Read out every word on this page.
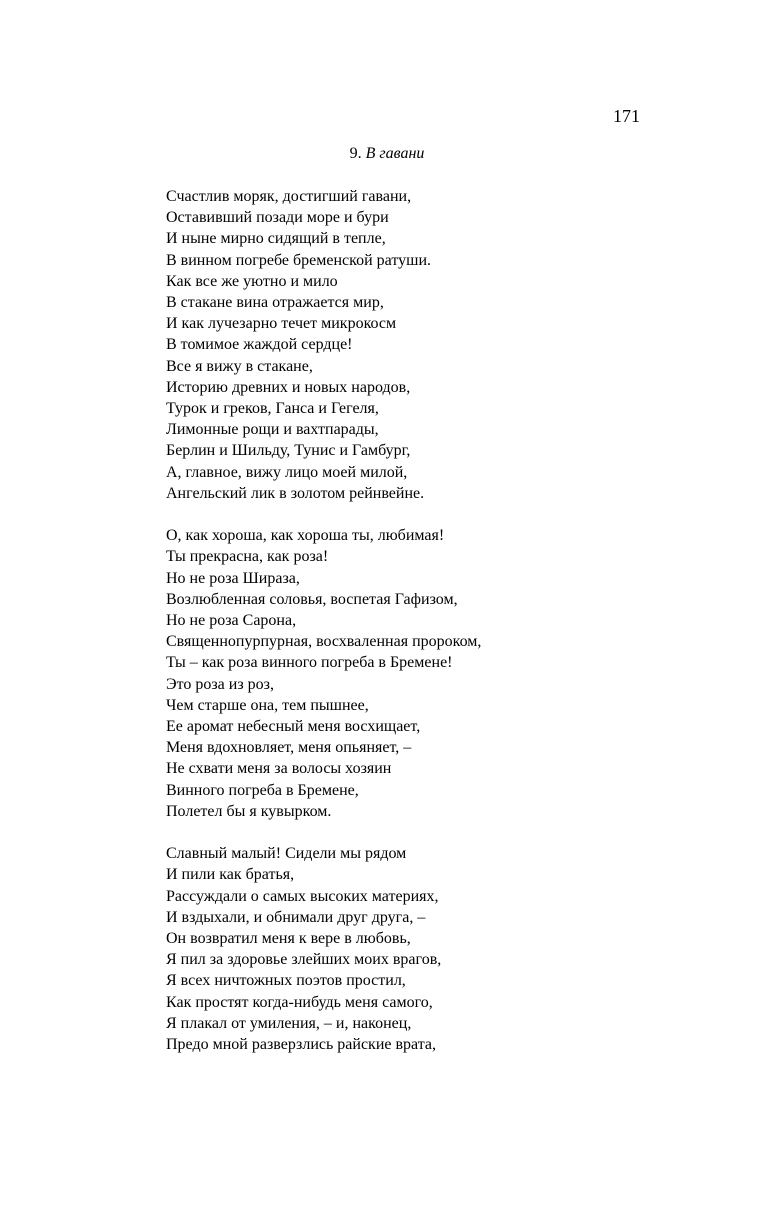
171
9. В гавани
Счастлив моряк, достигший гавани,
Оставивший позади море и бури
И ныне мирно сидящий в тепле,
В винном погребе бременской ратуши.
Как все же уютно и мило
В стакане вина отражается мир,
И как лучезарно течет микрокосм
В томимое жаждой сердце!
Все я вижу в стакане,
Историю древних и новых народов,
Турок и греков, Ганса и Гегеля,
Лимонные рощи и вахтпарады,
Берлин и Шильду, Тунис и Гамбург,
А, главное, вижу лицо моей милой,
Ангельский лик в золотом рейнвейне.
О, как хороша, как хороша ты, любимая!
Ты прекрасна, как роза!
Но не роза Шираза,
Возлюбленная соловья, воспетая Гафизом,
Но не роза Сарона,
Священнопурпурная, восхваленная пророком,
Ты – как роза винного погреба в Бремене!
Это роза из роз,
Чем старше она, тем пышнее,
Ее аромат небесный меня восхищает,
Меня вдохновляет, меня опьяняет, –
Не схвати меня за волосы хозяин
Винного погреба в Бремене,
Полетел бы я кувырком.
Славный малый! Сидели мы рядом
И пили как братья,
Рассуждали о самых высоких материях,
И вздыхали, и обнимали друг друга, –
Он возвратил меня к вере в любовь,
Я пил за здоровье злейших моих врагов,
Я всех ничтожных поэтов простил,
Как простят когда-нибудь меня самого,
Я плакал от умиления, – и, наконец,
Предо мной разверзлись райские врата,
